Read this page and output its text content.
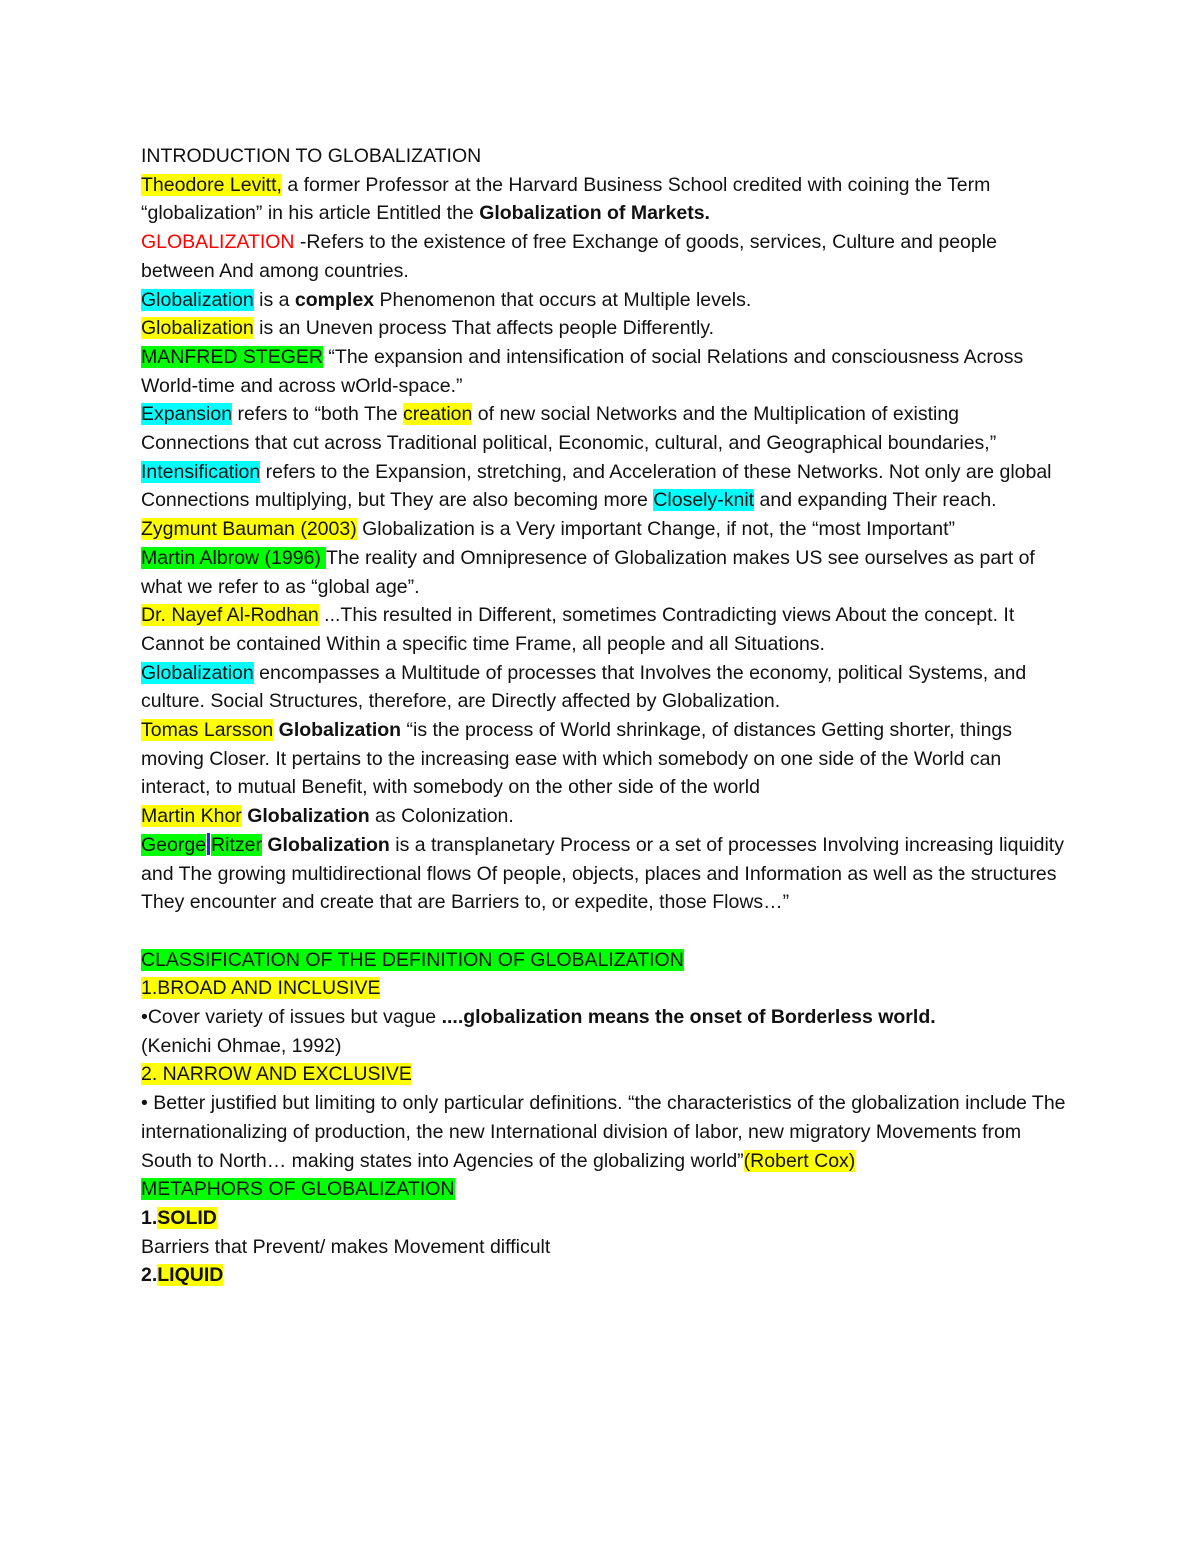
INTRODUCTION TO GLOBALIZATION

Theodore Levitt, a former Professor at the Harvard Business School credited with coining the Term “globalization” in his article Entitled the Globalization of Markets.

GLOBALIZATION -Refers to the existence of free Exchange of goods, services, Culture and people between And among countries.

Globalization is a complex Phenomenon that occurs at Multiple levels.

Globalization is an Uneven process That affects people Differently.

MANFRED STEGER “The expansion and intensification of social Relations and consciousness Across World-time and across wOrld-space.”

Expansion refers to “both The creation of new social Networks and the Multiplication of existing Connections that cut across Traditional political, Economic, cultural, and Geographical boundaries,”

Intensification refers to the Expansion, stretching, and Acceleration of these Networks. Not only are global Connections multiplying, but They are also becoming more Closely-knit and expanding Their reach.

Zygmunt Bauman (2003) Globalization is a Very important Change, if not, the “most Important”

Martin Albrow (1996) The reality and Omnipresence of Globalization makes US see ourselves as part of what we refer to as “global age”.

Dr. Nayef Al-Rodhan ...This resulted in Different, sometimes Contradicting views About the concept. It Cannot be contained Within a specific time Frame, all people and all Situations.

Globalization encompasses a Multitude of processes that Involves the economy, political Systems, and culture. Social Structures, therefore, are Directly affected by Globalization.

Tomas Larsson Globalization “is the process of World shrinkage, of distances Getting shorter, things moving Closer. It pertains to the increasing ease with which somebody on one side of the World can interact, to mutual Benefit, with somebody on the other side of the world

Martin Khor Globalization as Colonization.

George Ritzer Globalization is a transplanetary Process or a set of processes Involving increasing liquidity and The growing multidirectional flows Of people, objects, places and Information as well as the structures They encounter and create that are Barriers to, or expedite, those Flows…”

CLASSIFICATION OF THE DEFINITION OF GLOBALIZATION

1.BROAD AND INCLUSIVE

•Cover variety of issues but vague ....globalization means the onset of Borderless world.

(Kenichi Ohmae, 1992)

2. NARROW AND EXCLUSIVE

• Better justified but limiting to only particular definitions. “the characteristics of the globalization include The internationalizing of production, the new International division of labor, new migratory Movements from South to North… making states into Agencies of the globalizing world”(Robert Cox)

METAPHORS OF GLOBALIZATION

1.SOLID

Barriers that Prevent/ makes Movement difficult

2.LIQUID
